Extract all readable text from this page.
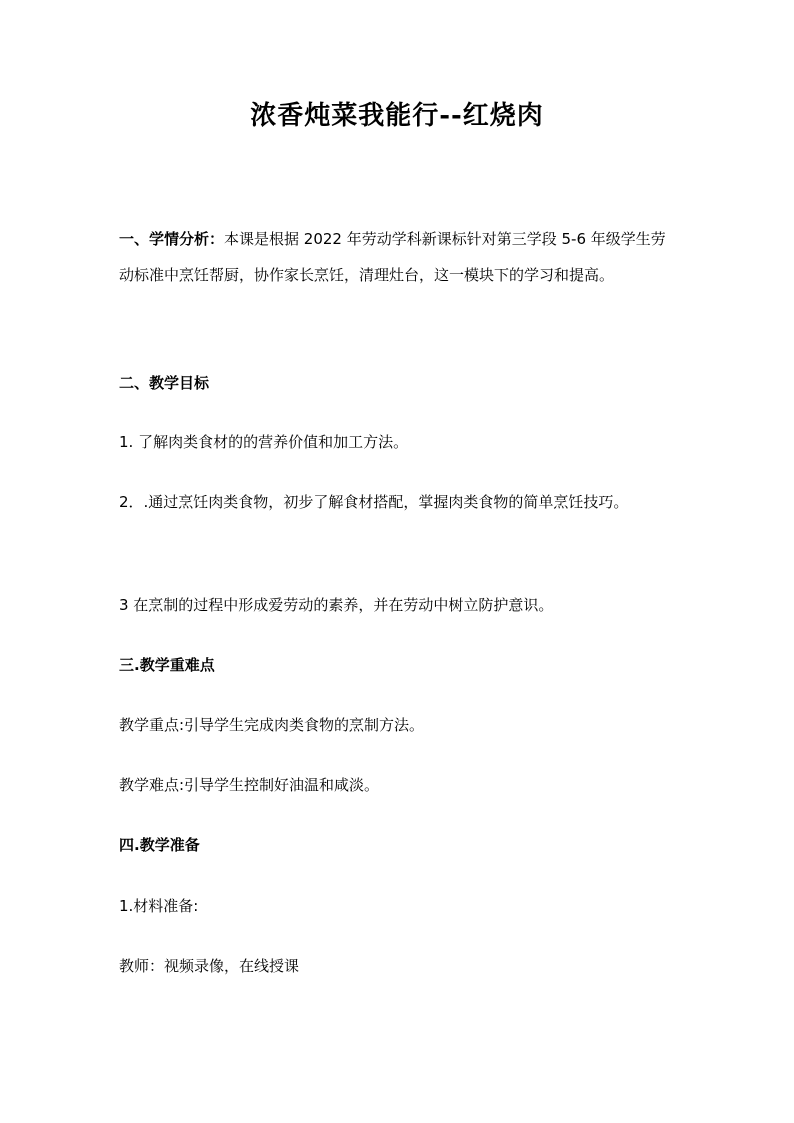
浓香炖菜我能行--红烧肉
一、学情分析：本课是根据 2022 年劳动学科新课标针对第三学段 5-6 年级学生劳动标准中烹饪帮厨，协作家长烹饪，清理灶台，这一模块下的学习和提高。
二、教学目标
1. 了解肉类食材的的营养价值和加工方法。
2．.通过烹饪肉类食物，初步了解食材搭配，掌握肉类食物的简单烹饪技巧。
3 在烹制的过程中形成爱劳动的素养，并在劳动中树立防护意识。
三.教学重难点
教学重点:引导学生完成肉类食物的烹制方法。
教学难点:引导学生控制好油温和咸淡。
四.教学准备
1.材料准备:
教师：视频录像，在线授课
